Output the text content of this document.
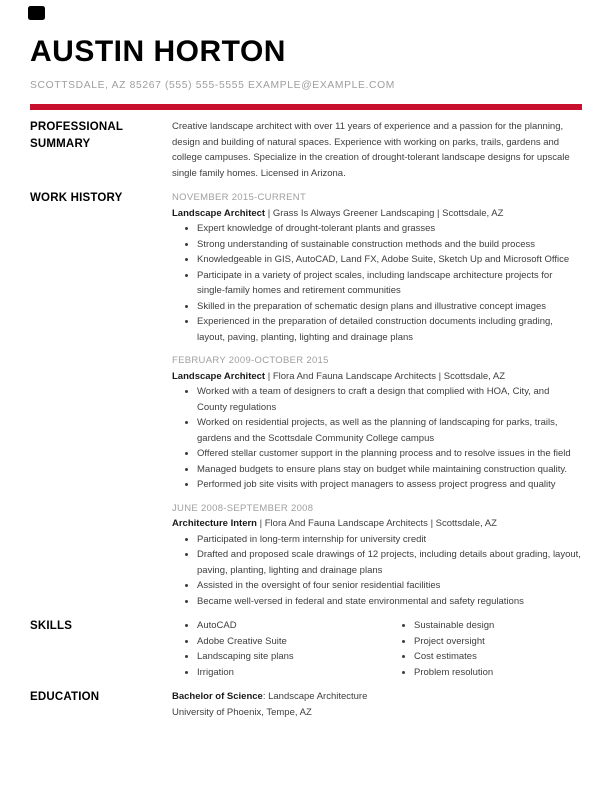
AUSTIN HORTON
SCOTTSDALE, AZ 85267 (555) 555-5555 EXAMPLE@EXAMPLE.COM
PROFESSIONAL SUMMARY

Creative landscape architect with over 11 years of experience and a passion for the planning, design and building of natural spaces. Experience with working on parks, trails, gardens and college campuses. Specialize in the creation of drought-tolerant landscape designs for upscale single family homes. Licensed in Arizona.

WORK HISTORY	NOVEMBER 2015-CURRENT
Landscape Architect | Grass Is Always Greener Landscaping | Scottsdale, AZ
• Expert knowledge of drought-tolerant plants and grasses
• Strong understanding of sustainable construction methods and the build process
• Knowledgeable in GIS, AutoCAD, Land FX, Adobe Suite, Sketch Up and Microsoft Office
• Participate in a variety of project scales, including landscape architecture projects for single-family homes and retirement communities
• Skilled in the preparation of schematic design plans and illustrative concept images
• Experienced in the preparation of detailed construction documents including grading, layout, paving, planting, lighting and drainage plans
FEBRUARY 2009-OCTOBER 2015
Landscape Architect | Flora And Fauna Landscape Architects | Scottsdale, AZ
• Worked with a team of designers to craft a design that complied with HOA, City, and County regulations
• Worked on residential projects, as well as the planning of landscaping for parks, trails, gardens and the Scottsdale Community College campus
• Offered stellar customer support in the planning process and to resolve issues in the field
• Managed budgets to ensure plans stay on budget while maintaining construction quality.
• Performed job site visits with project managers to assess project progress and quality
JUNE 2008-SEPTEMBER 2008
Architecture Intern | Flora And Fauna Landscape Architects | Scottsdale, AZ
• Participated in long-term internship for university credit
• Drafted and proposed scale drawings of 12 projects, including details about grading, layout, paving, planting, lighting and drainage plans
• Assisted in the oversight of four senior residential facilities
• Became well-versed in federal and state environmental and safety regulations
SKILLS	• AutoCAD
• Adobe Creative Suite
• Landscaping site plans
• Irrigation
• Sustainable design
• Project oversight
• Cost estimates
• Problem resolution
EDUCATION	Bachelor of Science: Landscape Architecture
University of Phoenix, Tempe, AZ
